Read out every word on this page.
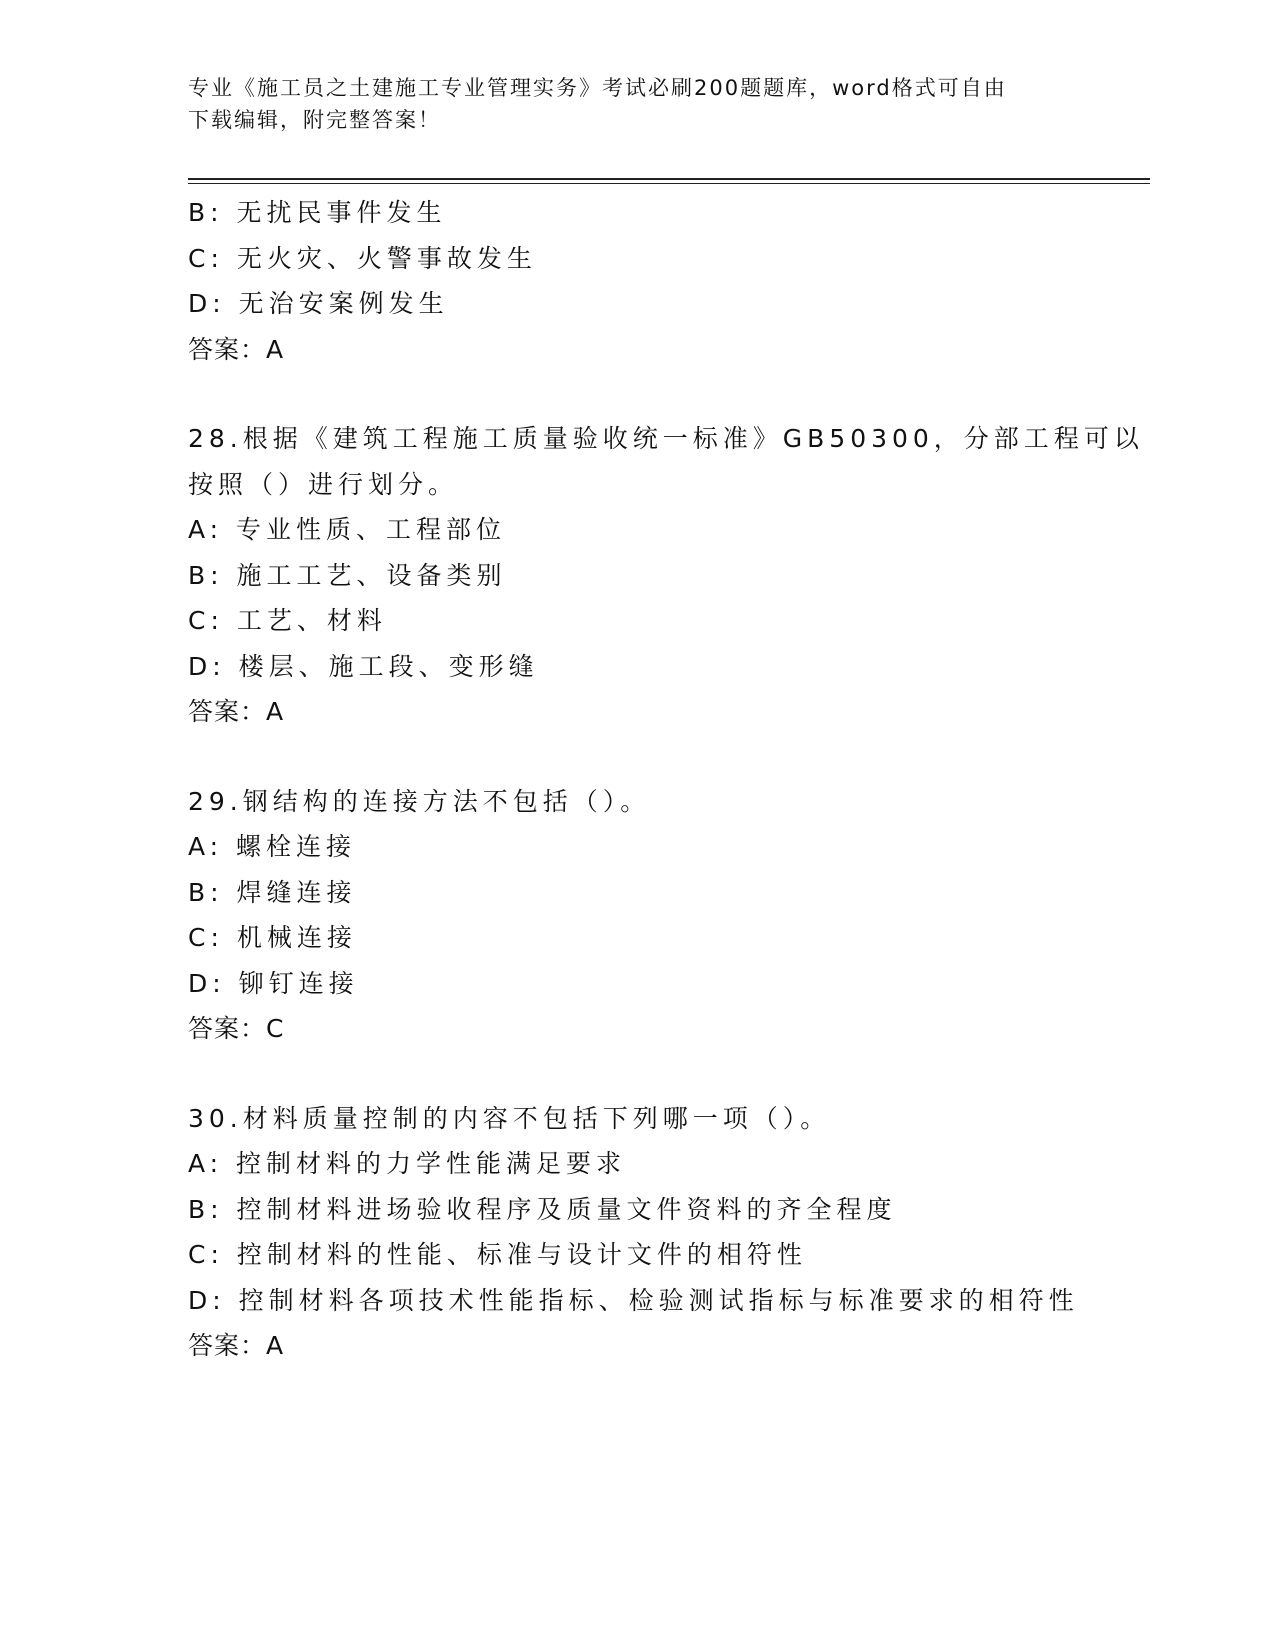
专业《施工员之土建施工专业管理实务》考试必刷200题题库，word格式可自由
下载编辑，附完整答案！
B: 无扰民事件发生
C: 无火灾、火警事故发生
D: 无治安案例发生
答案：A
28.根据《建筑工程施工质量验收统一标准》GB50300，分部工程可以
按照（）进行划分。
A: 专业性质、工程部位
B: 施工工艺、设备类别
C: 工艺、材料
D: 楼层、施工段、变形缝
答案：A
29.钢结构的连接方法不包括（）。
A: 螺栓连接
B: 焊缝连接
C: 机械连接
D: 铆钉连接
答案：C
30.材料质量控制的内容不包括下列哪一项（）。
A: 控制材料的力学性能满足要求
B: 控制材料进场验收程序及质量文件资料的齐全程度
C: 控制材料的性能、标准与设计文件的相符性
D: 控制材料各项技术性能指标、检验测试指标与标准要求的相符性
答案：A
